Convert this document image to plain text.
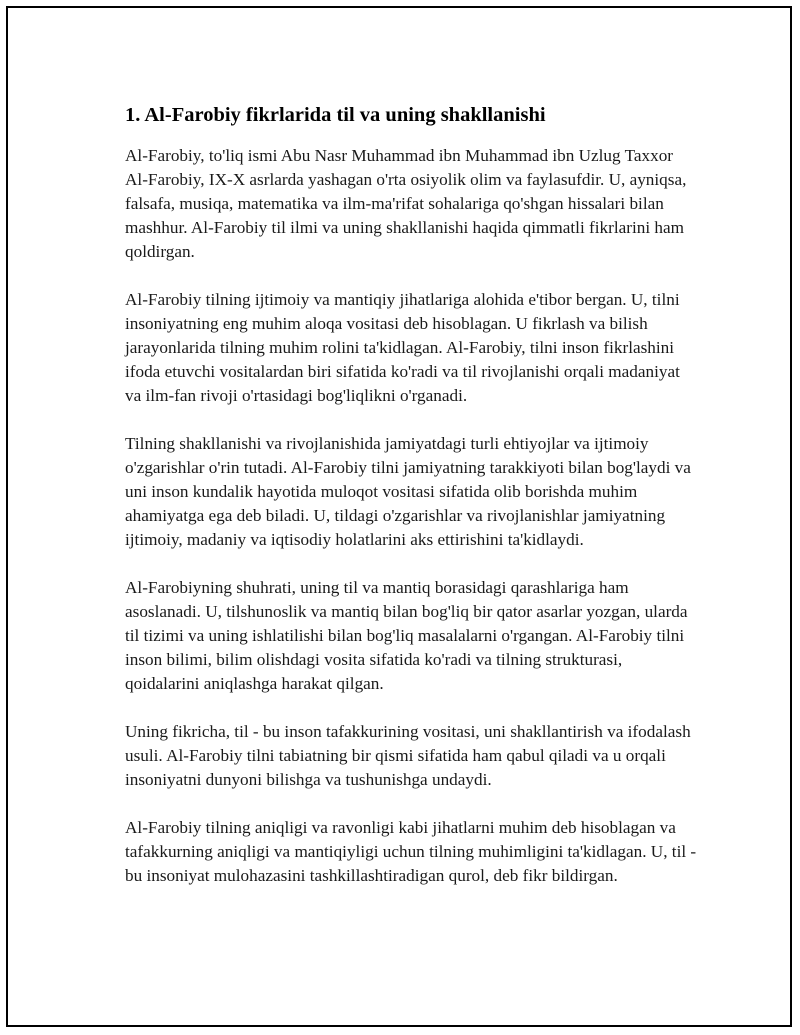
1. Al-Farobiy fikrlarida til va uning shakllanishi

Al-Farobiy, to'liq ismi Abu Nasr Muhammad ibn Muhammad ibn Uzlug Taxxor Al-Farobiy, IX-X asrlarda yashagan o'rta osiyolik olim va faylasufdir. U, ayniqsa, falsafa, musiqa, matematika va ilm-ma'rifat sohalariga qo'shgan hissalari bilan mashhur. Al-Farobiy til ilmi va uning shakllanishi haqida qimmatli fikrlarini ham qoldirgan.

Al-Farobiy tilning ijtimoiy va mantiqiy jihatlariga alohida e'tibor bergan. U, tilni insoniyatning eng muhim aloqa vositasi deb hisoblagan. U fikrlash va bilish jarayonlarida tilning muhim rolini ta'kidlagan. Al-Farobiy, tilni inson fikrlashini ifoda etuvchi vositalardan biri sifatida ko'radi va til rivojlanishi orqali madaniyat va ilm-fan rivoji o'rtasidagi bog'liqlikni o'rganadi.

Tilning shakllanishi va rivojlanishida jamiyatdagi turli ehtiyojlar va ijtimoiy o'zgarishlar o'rin tutadi. Al-Farobiy tilni jamiyatning tarakkiyoti bilan bog'laydi va uni inson kundalik hayotida muloqot vositasi sifatida olib borishda muhim ahamiyatga ega deb biladi. U, tildagi o'zgarishlar va rivojlanishlar jamiyatning ijtimoiy, madaniy va iqtisodiy holatlarini aks ettirishini ta'kidlaydi.

Al-Farobiyning shuhrati, uning til va mantiq borasidagi qarashlariga ham asoslanadi. U, tilshunoslik va mantiq bilan bog'liq bir qator asarlar yozgan, ularda til tizimi va uning ishlatilishi bilan bog'liq masalalarni o'rgangan. Al-Farobiy tilni inson bilimi, bilim olishdagi vosita sifatida ko'radi va tilning strukturasi, qoidalarini aniqlashga harakat qilgan.

Uning fikricha, til - bu inson tafakkurining vositasi, uni shakllantirish va ifodalash usuli. Al-Farobiy tilni tabiatning bir qismi sifatida ham qabul qiladi va u orqali insoniyatni dunyoni bilishga va tushunishga undaydi.

Al-Farobiy tilning aniqligi va ravonligi kabi jihatlarni muhim deb hisoblagan va tafakkurning aniqligi va mantiqiyligi uchun tilning muhimligini ta'kidlagan. U, til - bu insoniyat mulohazasini tashkillashtiradigan qurol, deb fikr bildirgan.
